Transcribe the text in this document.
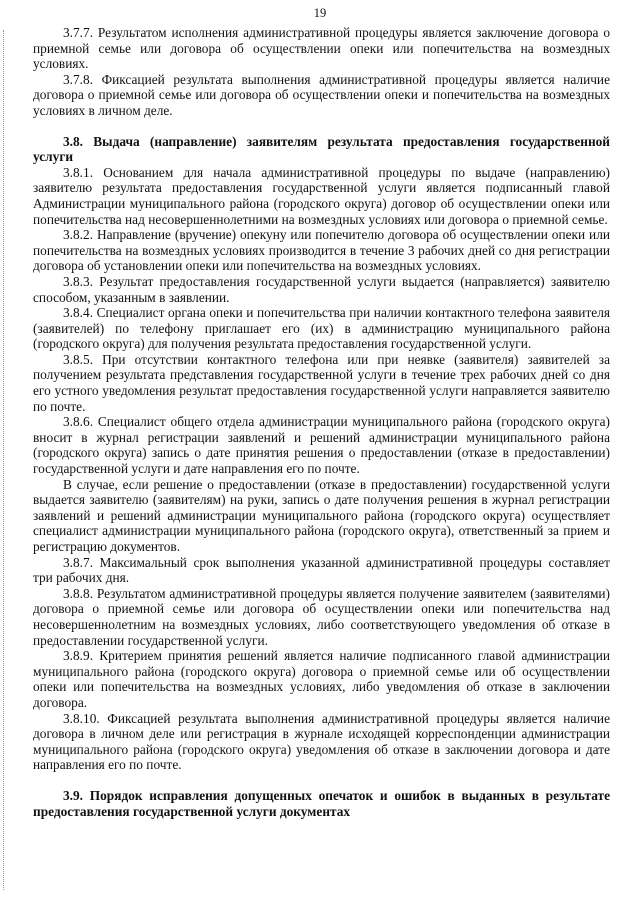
19

3.7.7. Результатом исполнения административной процедуры является заключение договора о приемной семье или договора об осуществлении опеки или попечительства на возмездных условиях.

3.7.8. Фиксацией результата выполнения административной процедуры является наличие договора о приемной семье или договора об осуществлении опеки и попечительства на возмездных условиях в личном деле.

3.8. Выдача (направление) заявителям результата предоставления государственной услуги

3.8.1. Основанием для начала административной процедуры по выдаче (направлению) заявителю результата предоставления государственной услуги является подписанный главой Администрации муниципального района (городского округа) договор об осуществлении опеки или попечительства над несовершеннолетними на возмездных условиях или договора о приемной семье.

3.8.2. Направление (вручение) опекуну или попечителю договора об осуществлении опеки или попечительства на возмездных условиях производится в течение 3 рабочих дней со дня регистрации договора об установлении опеки или попечительства на возмездных условиях.

3.8.3. Результат предоставления государственной услуги выдается (направляется) заявителю способом, указанным в заявлении.

3.8.4. Специалист органа опеки и попечительства при наличии контактного телефона заявителя (заявителей) по телефону приглашает его (их) в администрацию муниципального района (городского округа) для получения результата предоставления государственной услуги.

3.8.5. При отсутствии контактного телефона или при неявке (заявителя) заявителей за получением результата представления государственной услуги в течение трех рабочих дней со дня его устного уведомления результат предоставления государственной услуги направляется заявителю по почте.

3.8.6. Специалист общего отдела администрации муниципального района (городского округа) вносит в журнал регистрации заявлений и решений администрации муниципального района (городского округа) запись о дате принятия решения о предоставлении (отказе в предоставлении) государственной услуги и дате направления его по почте.

В случае, если решение о предоставлении (отказе в предоставлении) государственной услуги выдается заявителю (заявителям) на руки, запись о дате получения решения в журнал регистрации заявлений и решений администрации муниципального района (городского округа) осуществляет специалист администрации муниципального района (городского округа), ответственный за прием и регистрацию документов.

3.8.7. Максимальный срок выполнения указанной административной процедуры составляет три рабочих дня.

3.8.8. Результатом административной процедуры является получение заявителем (заявителями) договора о приемной семье или договора об осуществлении опеки или попечительства над несовершеннолетним на возмездных условиях, либо соответствующего уведомления об отказе в предоставлении государственной услуги.

3.8.9. Критерием принятия решений является наличие подписанного главой администрации муниципального района (городского округа) договора о приемной семье или об осуществлении опеки или попечительства на возмездных условиях, либо уведомления об отказе в заключении договора.

3.8.10. Фиксацией результата выполнения административной процедуры является наличие договора в личном деле или регистрация в журнале исходящей корреспонденции администрации муниципального района (городского округа) уведомления об отказе в заключении договора и дате направления его по почте.

3.9. Порядок исправления допущенных опечаток и ошибок в выданных в результате предоставления государственной услуги документах
